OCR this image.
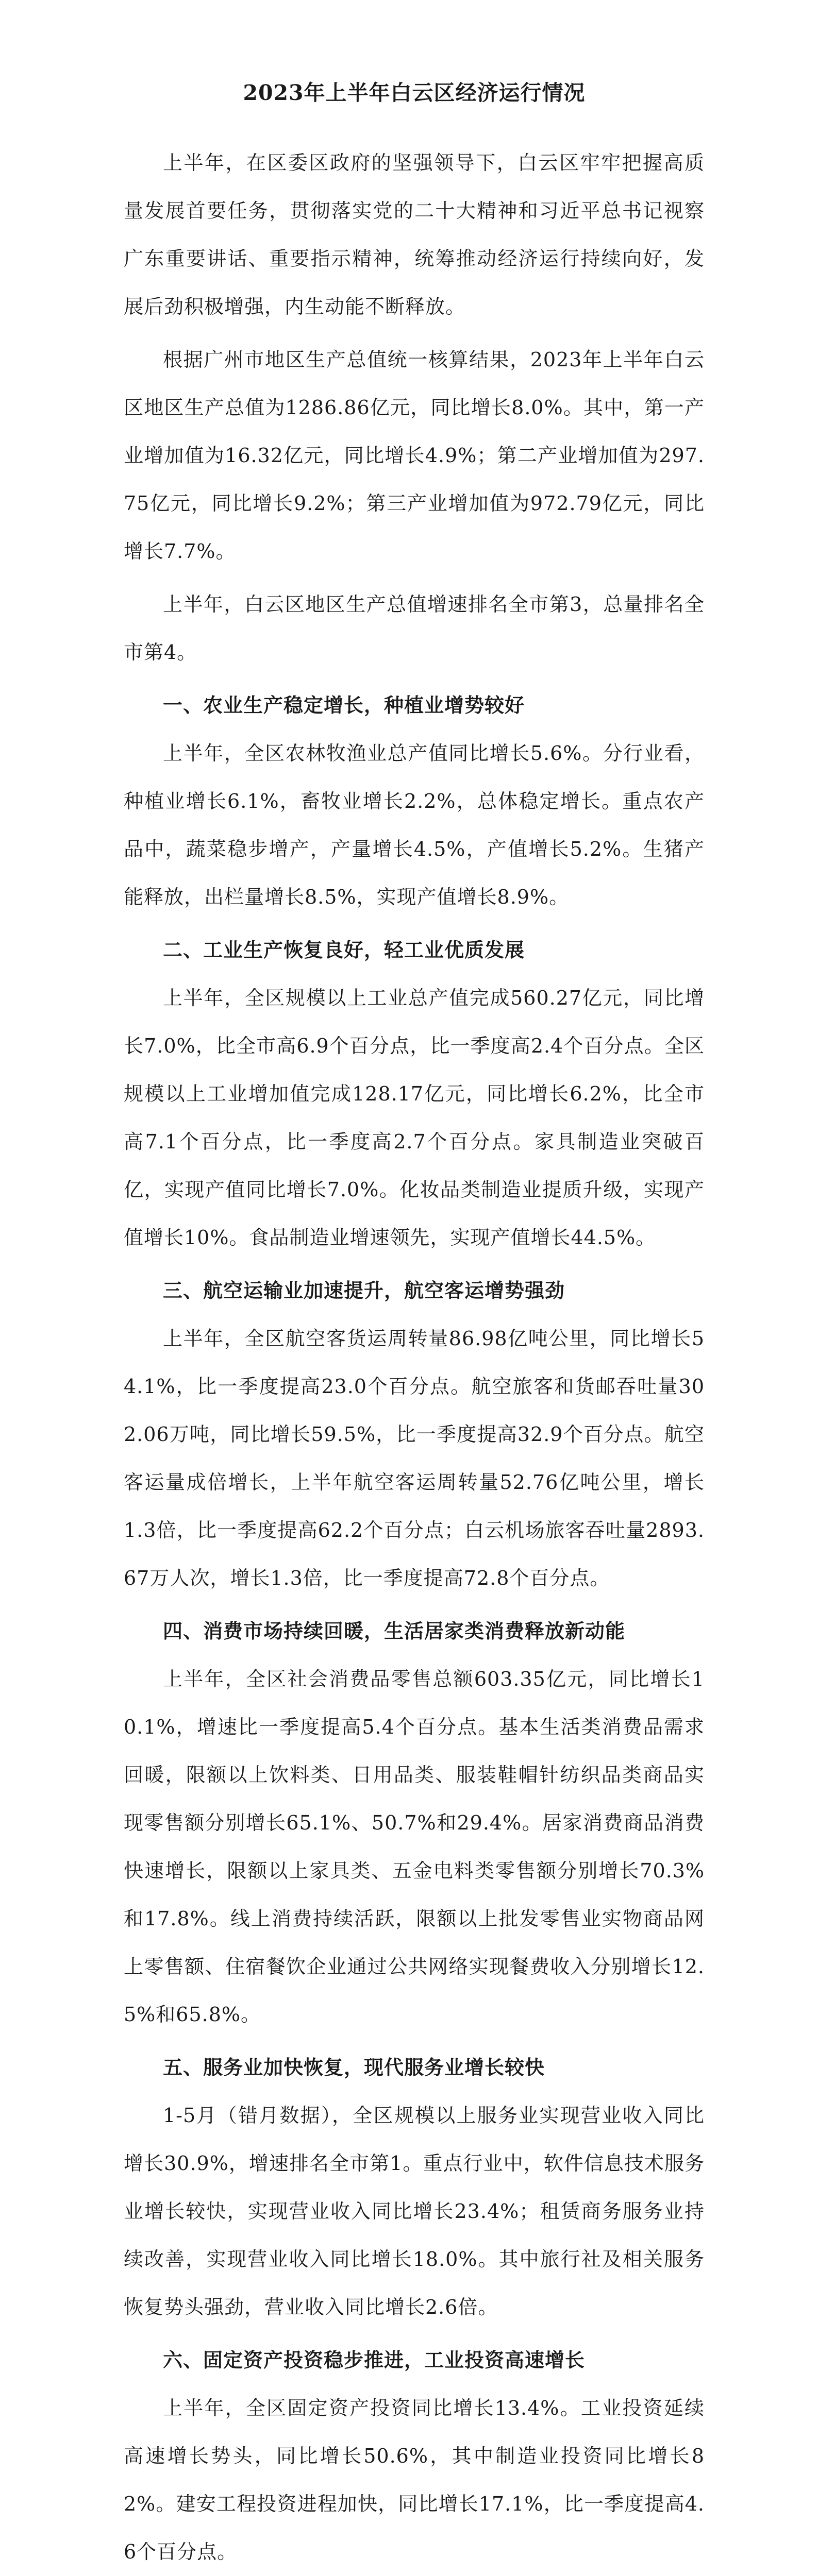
2023年上半年白云区经济运行情况

上半年，在区委区政府的坚强领导下，白云区牢牢把握高质量发展首要任务，贯彻落实党的二十大精神和习近平总书记视察广东重要讲话、重要指示精神，统筹推动经济运行持续向好，发展后劲积极增强，内生动能不断释放。

根据广州市地区生产总值统一核算结果，2023年上半年白云区地区生产总值为1286.86亿元，同比增长8.0%。其中，第一产业增加值为16.32亿元，同比增长4.9%；第二产业增加值为297.75亿元，同比增长9.2%；第三产业增加值为972.79亿元，同比增长7.7%。

上半年，白云区地区生产总值增速排名全市第3，总量排名全市第4。

一、农业生产稳定增长，种植业增势较好

上半年，全区农林牧渔业总产值同比增长5.6%。分行业看，种植业增长6.1%，畜牧业增长2.2%，总体稳定增长。重点农产品中，蔬菜稳步增产，产量增长4.5%，产值增长5.2%。生猪产能释放，出栏量增长8.5%，实现产值增长8.9%。

二、工业生产恢复良好，轻工业优质发展

上半年，全区规模以上工业总产值完成560.27亿元，同比增长7.0%，比全市高6.9个百分点，比一季度高2.4个百分点。全区规模以上工业增加值完成128.17亿元，同比增长6.2%，比全市高7.1个百分点，比一季度高2.7个百分点。家具制造业突破百亿，实现产值同比增长7.0%。化妆品类制造业提质升级，实现产值增长10%。食品制造业增速领先，实现产值增长44.5%。

三、航空运输业加速提升，航空客运增势强劲

上半年，全区航空客货运周转量86.98亿吨公里，同比增长54.1%，比一季度提高23.0个百分点。航空旅客和货邮吞吐量302.06万吨，同比增长59.5%，比一季度提高32.9个百分点。航空客运量成倍增长，上半年航空客运周转量52.76亿吨公里，增长1.3倍，比一季度提高62.2个百分点；白云机场旅客吞吐量2893.67万人次，增长1.3倍，比一季度提高72.8个百分点。

四、消费市场持续回暖，生活居家类消费释放新动能

上半年，全区社会消费品零售总额603.35亿元，同比增长10.1%，增速比一季度提高5.4个百分点。基本生活类消费品需求回暖，限额以上饮料类、日用品类、服装鞋帽针纺织品类商品实现零售额分别增长65.1%、50.7%和29.4%。居家消费商品消费快速增长，限额以上家具类、五金电料类零售额分别增长70.3%和17.8%。线上消费持续活跃，限额以上批发零售业实物商品网上零售额、住宿餐饮企业通过公共网络实现餐费收入分别增长12.5%和65.8%。

五、服务业加快恢复，现代服务业增长较快

1-5月（错月数据），全区规模以上服务业实现营业收入同比增长30.9%，增速排名全市第1。重点行业中，软件信息技术服务业增长较快，实现营业收入同比增长23.4%；租赁商务服务业持续改善，实现营业收入同比增长18.0%。其中旅行社及相关服务恢复势头强劲，营业收入同比增长2.6倍。

六、固定资产投资稳步推进，工业投资高速增长

上半年，全区固定资产投资同比增长13.4%。工业投资延续高速增长势头，同比增长50.6%，其中制造业投资同比增长82%。建安工程投资进程加快，同比增长17.1%，比一季度提高4.6个百分点。
